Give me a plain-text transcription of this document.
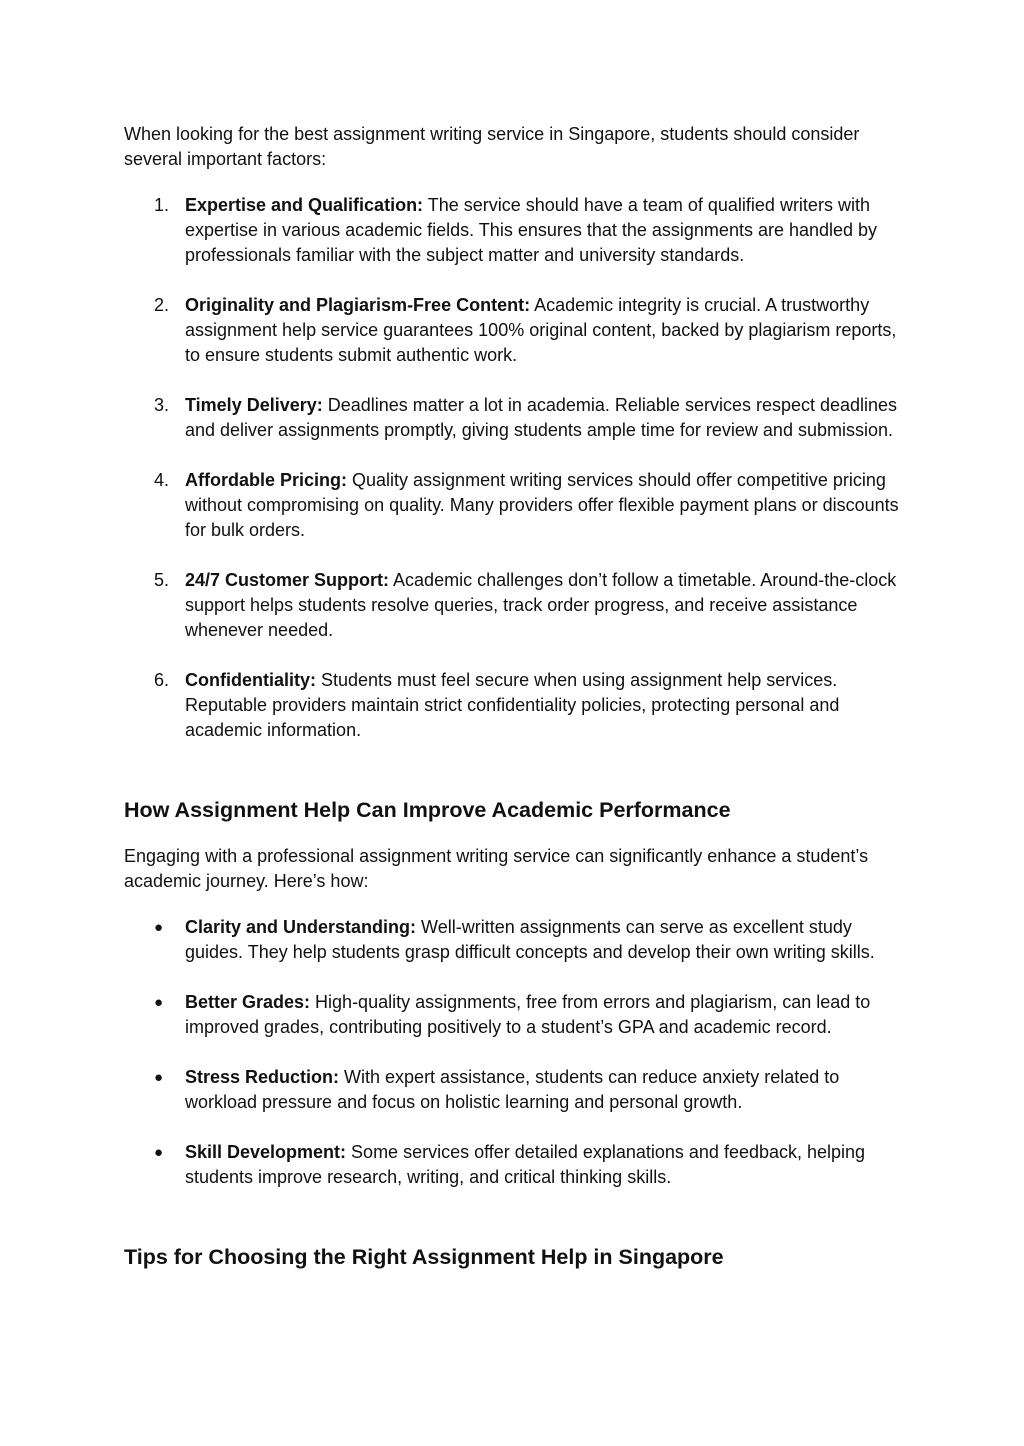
When looking for the best assignment writing service in Singapore, students should consider several important factors:

1. Expertise and Qualification: The service should have a team of qualified writers with expertise in various academic fields. This ensures that the assignments are handled by professionals familiar with the subject matter and university standards.
2. Originality and Plagiarism-Free Content: Academic integrity is crucial. A trustworthy assignment help service guarantees 100% original content, backed by plagiarism reports, to ensure students submit authentic work.
3. Timely Delivery: Deadlines matter a lot in academia. Reliable services respect deadlines and deliver assignments promptly, giving students ample time for review and submission.
4. Affordable Pricing: Quality assignment writing services should offer competitive pricing without compromising on quality. Many providers offer flexible payment plans or discounts for bulk orders.
5. 24/7 Customer Support: Academic challenges don’t follow a timetable. Around-the-clock support helps students resolve queries, track order progress, and receive assistance whenever needed.
6. Confidentiality: Students must feel secure when using assignment help services. Reputable providers maintain strict confidentiality policies, protecting personal and academic information.
How Assignment Help Can Improve Academic Performance

Engaging with a professional assignment writing service can significantly enhance a student’s academic journey. Here’s how:

●	Clarity and Understanding: Well-written assignments can serve as excellent study guides. They help students grasp difficult concepts and develop their own writing skills.
●	Better Grades: High-quality assignments, free from errors and plagiarism, can lead to improved grades, contributing positively to a student’s GPA and academic record.
●	Stress Reduction: With expert assistance, students can reduce anxiety related to workload pressure and focus on holistic learning and personal growth.
●	Skill Development: Some services offer detailed explanations and feedback, helping students improve research, writing, and critical thinking skills.
Tips for Choosing the Right Assignment Help in Singapore
